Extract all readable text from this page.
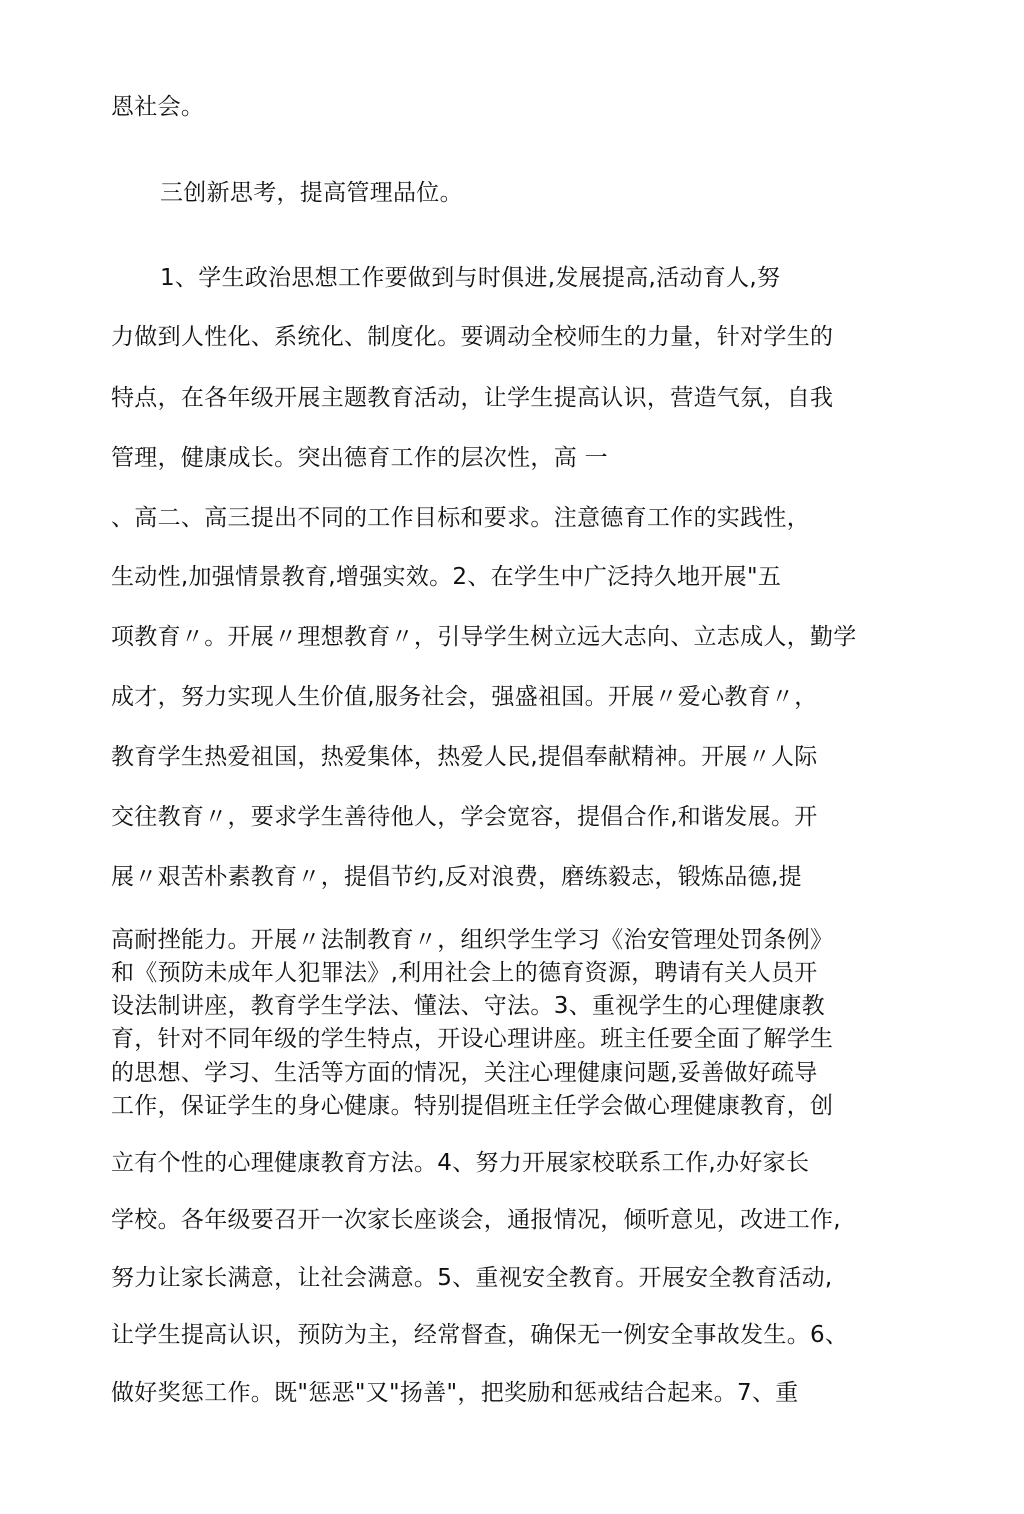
恩社会。
三创新思考，提高管理品位。
1、学生政治思想工作要做到与时俱进,发展提高,活动育人,努
力做到人性化、系统化、制度化。要调动全校师生的力量，针对学生的
特点，在各年级开展主题教育活动，让学生提高认识，营造气氛，自我
管理，健康成长。突出德育工作的层次性，高 一
、高二、高三提出不同的工作目标和要求。注意德育工作的实践性，
生动性,加强情景教育,增强实效。2、在学生中广泛持久地开展"五
项教育〃。开展〃理想教育〃，引导学生树立远大志向、立志成人，勤学
成才，努力实现人生价值,服务社会，强盛祖国。开展〃爱心教育〃，
教育学生热爱祖国，热爱集体，热爱人民,提倡奉献精神。开展〃人际
交往教育〃，要求学生善待他人，学会宽容，提倡合作,和谐发展。开
展〃艰苦朴素教育〃，提倡节约,反对浪费，磨练毅志，锻炼品德,提
高耐挫能力。开展〃法制教育〃，组织学生学习《治安管理处罚条例》
和《预防未成年人犯罪法》,利用社会上的德育资源，聘请有关人员开
设法制讲座，教育学生学法、懂法、守法。3、重视学生的心理健康教
育，针对不同年级的学生特点，开设心理讲座。班主任要全面了解学生
的思想、学习、生活等方面的情况，关注心理健康问题,妥善做好疏导
工作，保证学生的身心健康。特别提倡班主任学会做心理健康教育，创
立有个性的心理健康教育方法。4、努力开展家校联系工作,办好家长
学校。各年级要召开一次家长座谈会，通报情况，倾听意见，改进工作,
努力让家长满意，让社会满意。5、重视安全教育。开展安全教育活动,
让学生提高认识，预防为主，经常督查，确保无一例安全事故发生。6、
做好奖惩工作。既"惩恶"又"扬善"，把奖励和惩戒结合起来。7、重
